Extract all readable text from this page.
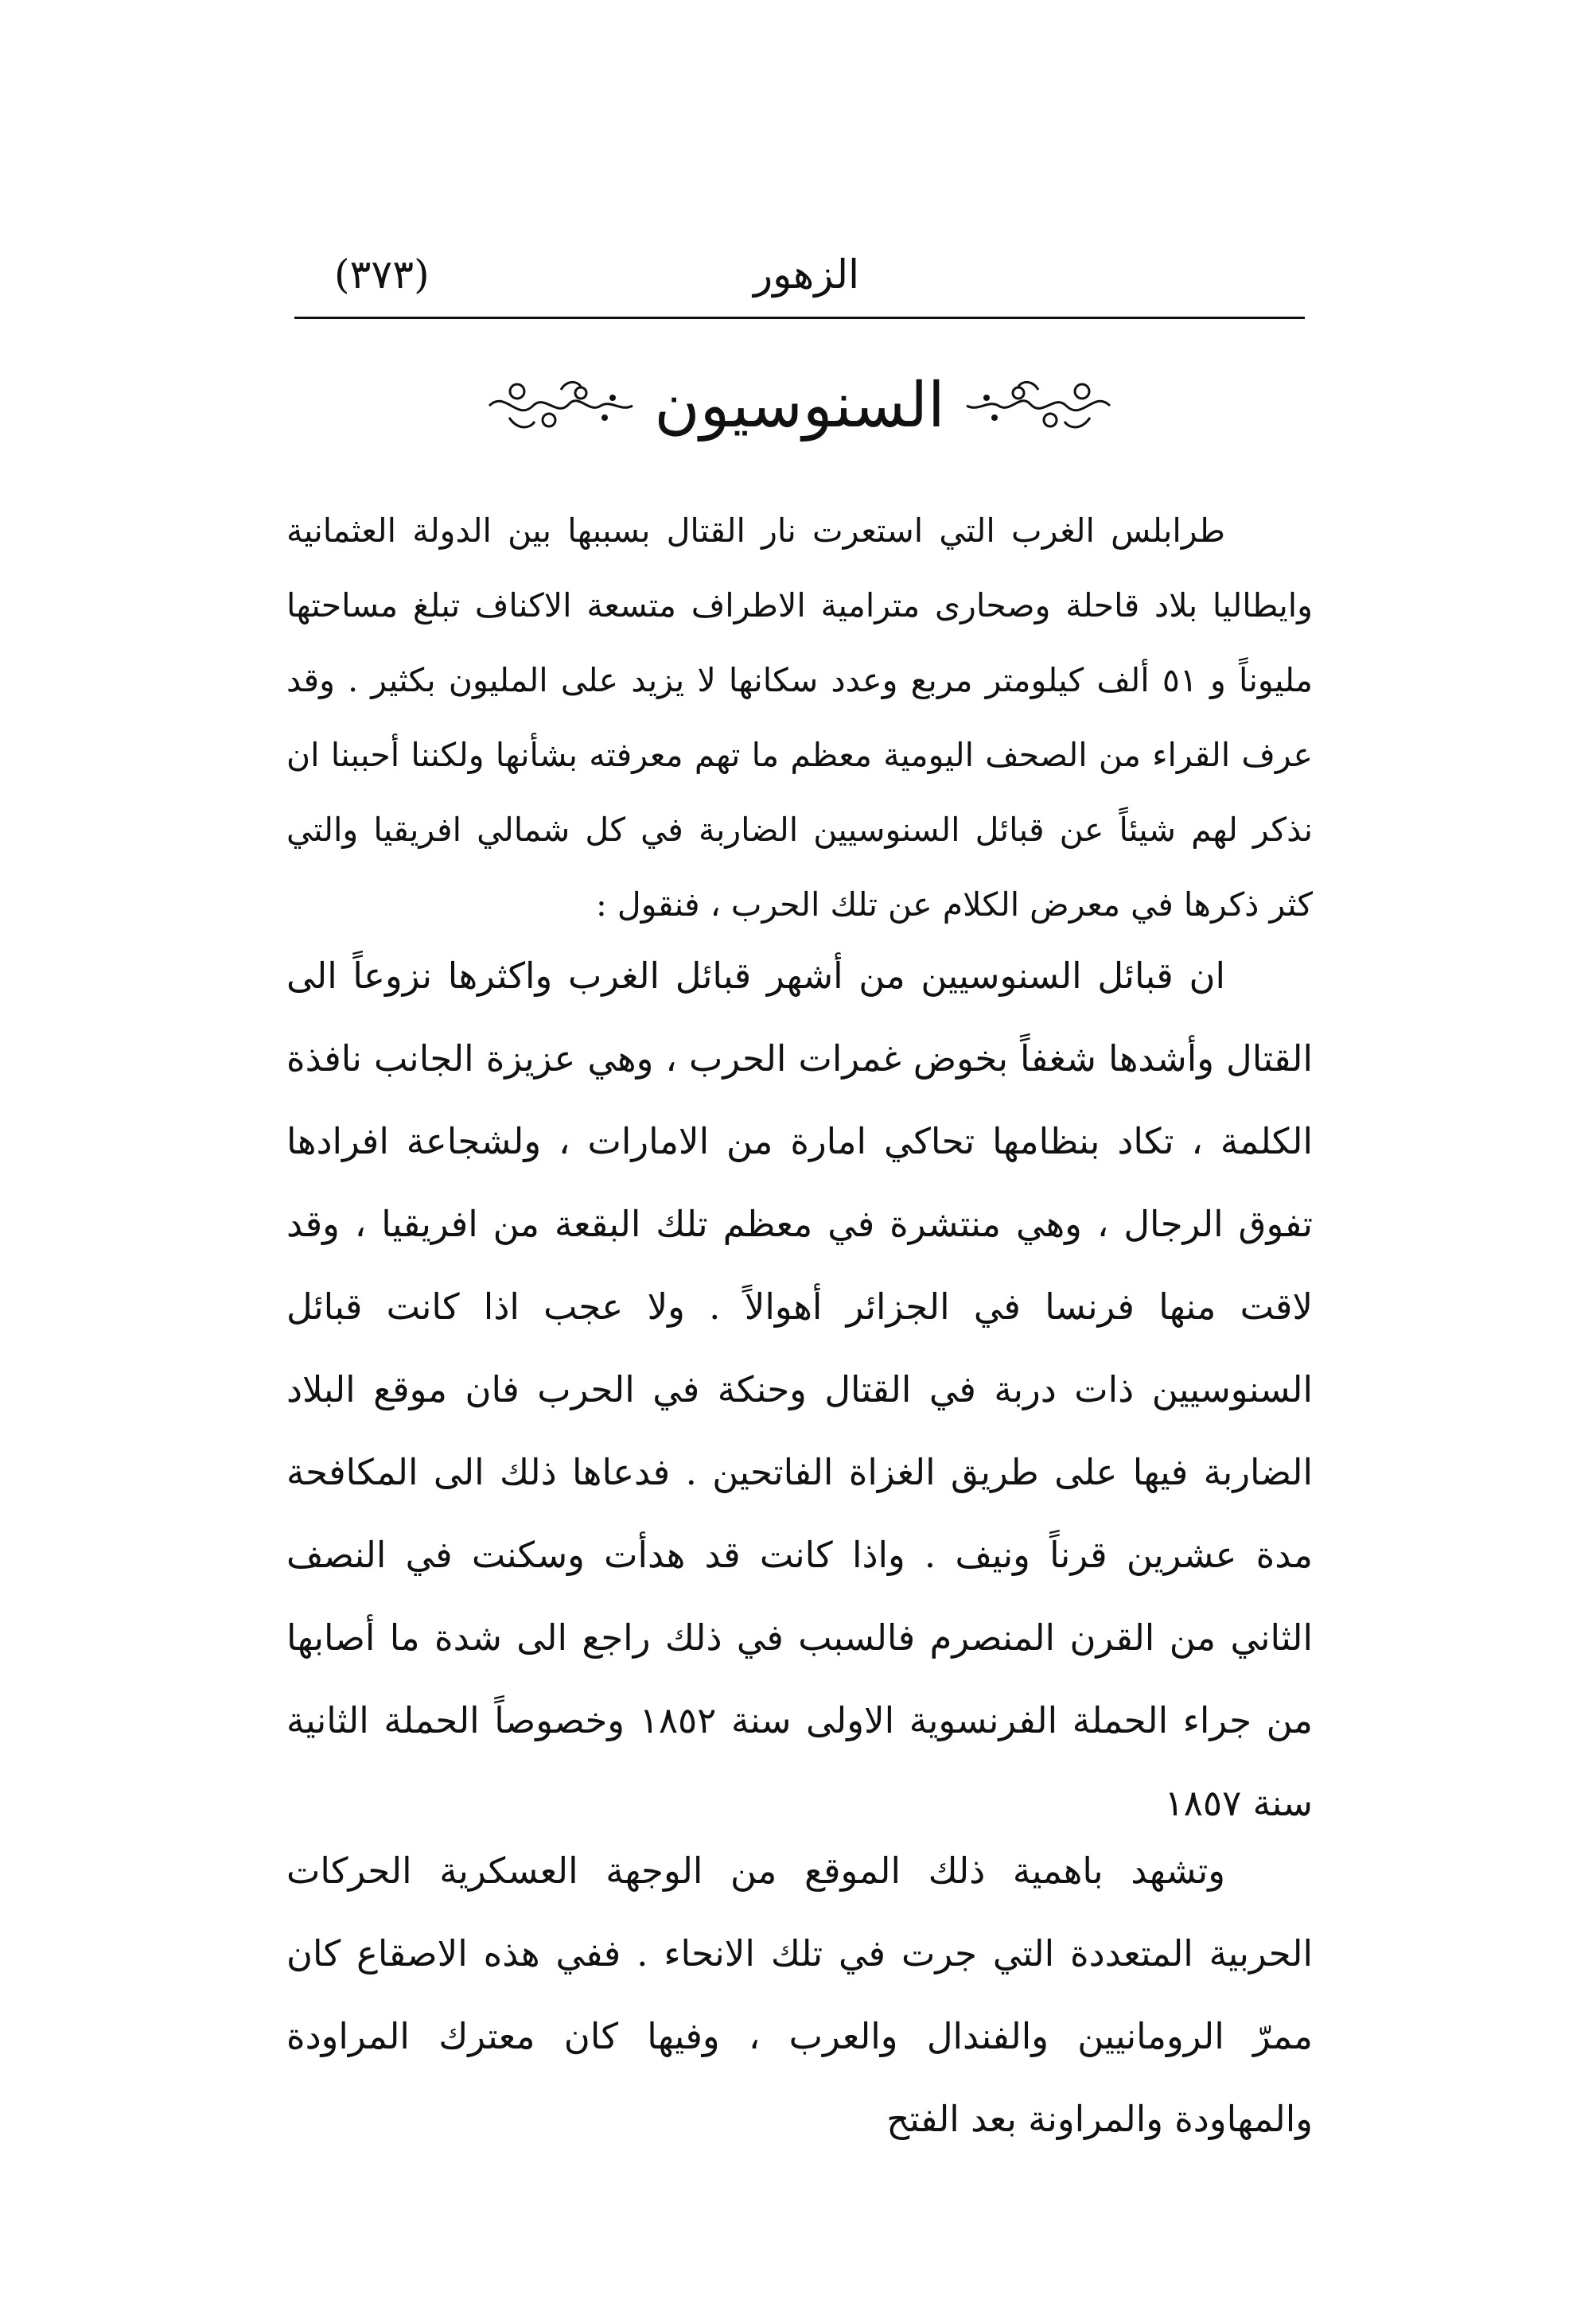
الزهور
(٣٧٣)
السنوسيون

طرابلس الغرب التي استعرت نار القتال بسببها بين الدولة العثمانية وايطاليا بلاد قاحلة وصحارى مترامية الاطراف متسعة الاكناف تبلغ مساحتها مليوناً و ٥١ ألف كيلومتر مربع وعدد سكانها لا يزيد على المليون بكثير . وقد عرف القراء من الصحف اليومية معظم ما تهم معرفته بشأنها ولكننا أحببنا ان نذكر لهم شيئاً عن قبائل السنوسيين الضاربة في كل شمالي افريقيا والتي كثر ذكرها في معرض الكلام عن تلك الحرب ، فنقول :

ان قبائل السنوسيين من أشهر قبائل الغرب واكثرها نزوعاً الى القتال وأشدها شغفاً بخوض غمرات الحرب ، وهي عزيزة الجانب نافذة الكلمة ، تكاد بنظامها تحاكي امارة من الامارات ، ولشجاعة افرادها تفوق الرجال ، وهي منتشرة في معظم تلك البقعة من افريقيا ، وقد لاقت منها فرنسا في الجزائر أهوالاً . ولا عجب اذا كانت قبائل السنوسيين ذات دربة في القتال وحنكة في الحرب فان موقع البلاد الضاربة فيها على طريق الغزاة الفاتحين . فدعاها ذلك الى المكافحة مدة عشرين قرناً ونيف . واذا كانت قد هدأت وسكنت في النصف الثاني من القرن المنصرم فالسبب في ذلك راجع الى شدة ما أصابها من جراء الحملة الفرنسوية الاولى سنة ١٨٥٢ وخصوصاً الحملة الثانية سنة ١٨٥٧

وتشهد باهمية ذلك الموقع من الوجهة العسكرية الحركات الحربية المتعددة التي جرت في تلك الانحاء . ففي هذه الاصقاع كان ممرّ الرومانيين والفندال والعرب ، وفيها كان معترك المراودة والمهاودة والمراونة بعد الفتح
